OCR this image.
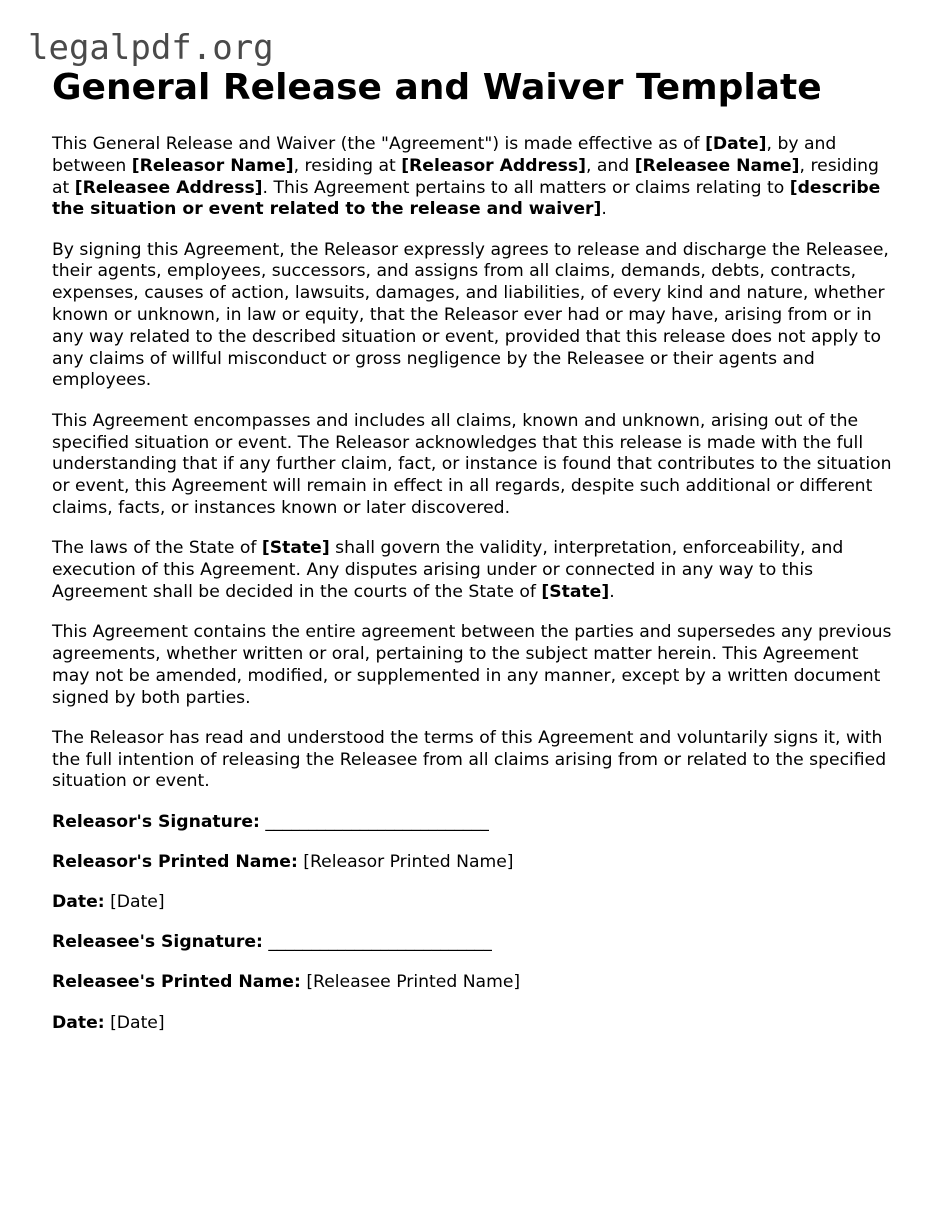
legalpdf.org
General Release and Waiver Template

This General Release and Waiver (the "Agreement") is made effective as of [Date], by and between [Releasor Name], residing at [Releasor Address], and [Releasee Name], residing at [Releasee Address]. This Agreement pertains to all matters or claims relating to [describe the situation or event related to the release and waiver].

By signing this Agreement, the Releasor expressly agrees to release and discharge the Releasee, their agents, employees, successors, and assigns from all claims, demands, debts, contracts, expenses, causes of action, lawsuits, damages, and liabilities, of every kind and nature, whether known or unknown, in law or equity, that the Releasor ever had or may have, arising from or in any way related to the described situation or event, provided that this release does not apply to any claims of willful misconduct or gross negligence by the Releasee or their agents and employees.

This Agreement encompasses and includes all claims, known and unknown, arising out of the specified situation or event. The Releasor acknowledges that this release is made with the full understanding that if any further claim, fact, or instance is found that contributes to the situation or event, this Agreement will remain in effect in all regards, despite such additional or different claims, facts, or instances known or later discovered.

The laws of the State of [State] shall govern the validity, interpretation, enforceability, and execution of this Agreement. Any disputes arising under or connected in any way to this Agreement shall be decided in the courts of the State of [State].

This Agreement contains the entire agreement between the parties and supersedes any previous agreements, whether written or oral, pertaining to the subject matter herein. This Agreement may not be amended, modified, or supplemented in any manner, except by a written document signed by both parties.

The Releasor has read and understood the terms of this Agreement and voluntarily signs it, with the full intention of releasing the Releasee from all claims arising from or related to the specified situation or event.

Releasor's Signature: __________________________

Releasor's Printed Name: [Releasor Printed Name]

Date: [Date]

Releasee's Signature: __________________________

Releasee's Printed Name: [Releasee Printed Name]

Date: [Date]
